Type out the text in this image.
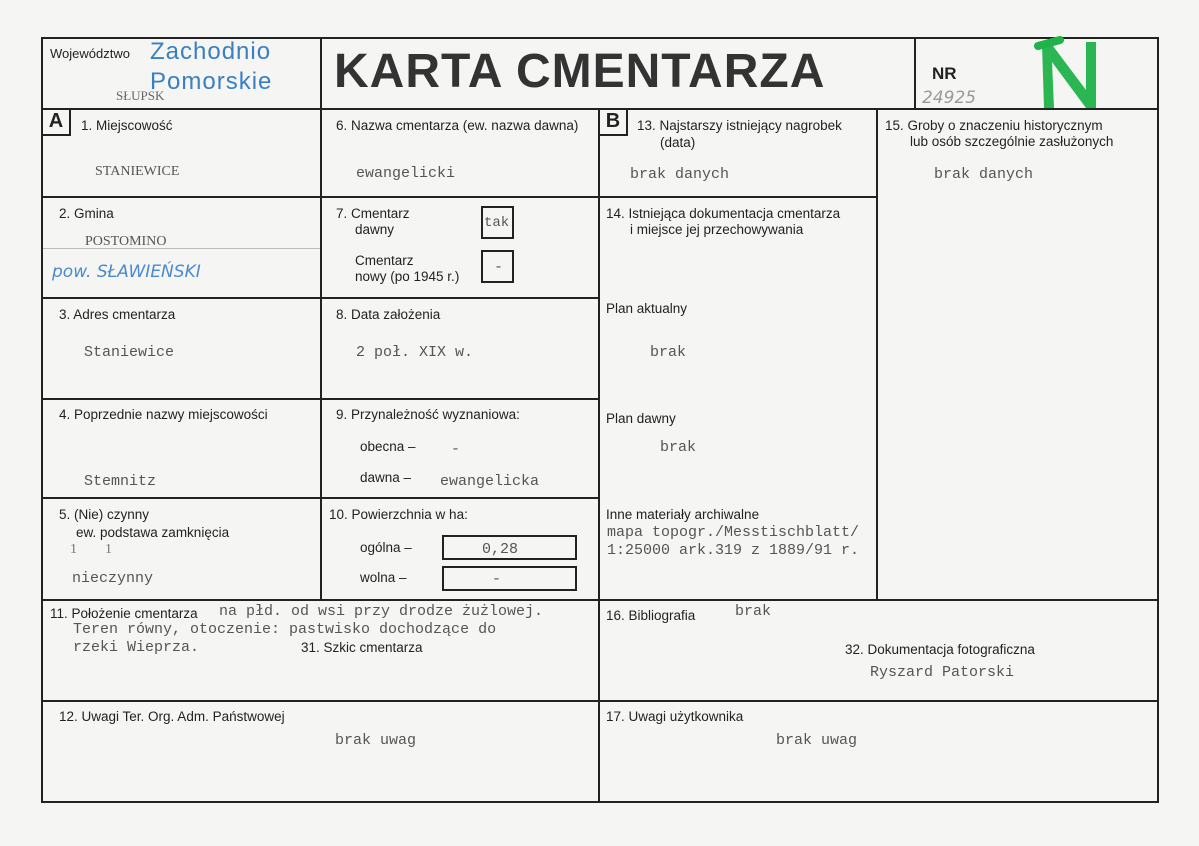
Województwo Zachodnio
Pomorskie
SŁUPSK	KARTA CMENTARZA	NR
24925
A	B
1. Miejscowość
STANIEWICE
2. Gmina
POSTOMINO
pow. SŁAWIEŃSKI
3. Adres cmentarza
Staniewice
4. Poprzednie nazwy miejscowości
Stemnitz
5. (Nie) czynny
ew. podstawa zamknięcia
1        1
nieczynny
6. Nazwa cmentarza (ew. nazwa dawna)
ewangelicki
7. Cmentarz
dawny	tak
Cmentarz
nowy (po 1945 r.)
-
8. Data założenia
2 poł. XIX w.
9. Przynależność wyznaniowa:
obecna – -
dawna – ewangelicka
10. Powierzchnia w ha:
ogólna –	0,28
wolna –	-
11. Położenie cmentarza na płd. od wsi przy drodze żużlowej.
Teren równy, otoczenie: pastwisko dochodzące do
rzeki Wieprza.	31. Szkic cmentarza
12. Uwagi Ter. Org. Adm. Państwowej
brak uwag
13. Najstarszy istniejący nagrobek
(data)
brak danych
14. Istniejąca dokumentacja cmentarza
i miejsce jej przechowywania
Plan aktualny
brak
Plan dawny
brak
Inne materiały archiwalne
mapa topogr./Messtischblatt/
1:25000 ark.319 z 1889/91 r.
15. Groby o znaczeniu historycznym
lub osób szczególnie zasłużonych
brak danych
16. Bibliografia	brak
32. Dokumentacja fotograficzna
Ryszard Patorski
17. Uwagi użytkownika
brak uwag
